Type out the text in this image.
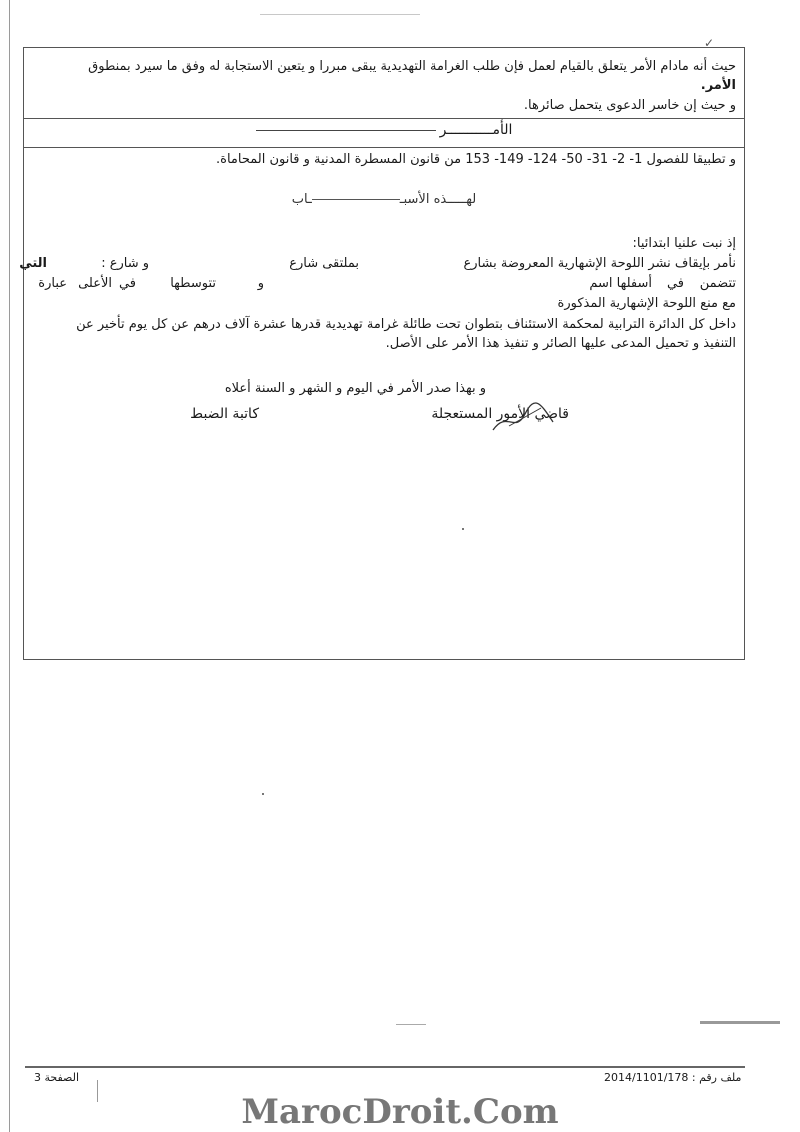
✓
حيث أنه مادام الأمر يتعلق بالقيام لعمل فإن طلب الغرامة التهديدية يبقى مبررا و يتعين الاستجابة له وفق ما سيرد بمنطوق
الأمر.
و حيث إن خاسر الدعوى يتحمل صائرها.
الأمـــــــــــر
و تطبيقا للفصول 1- 2- 31- 50- 124- 149- 153 من قانون المسطرة المدنية و قانون المحاماة.
لهـــــذه الأسبــاب
إذ نبت علنيا ابتدائيا:
نأمر بإيقاف نشر اللوحة الإشهارية المعروضة بشارع
بملتقى شارع
و شارع :
التي
تتضمن
في
أسفلها اسم
و
تتوسطها
في
الأعلى
عبارة
مع منع اللوحة الإشهارية المذكورة
داخل كل الدائرة الترابية لمحكمة الاستئناف بتطوان تحت طائلة غرامة تهديدية قدرها عشرة آلاف درهم عن كل يوم تأخير عن
التنفيذ و تحميل المدعى عليها الصائر و تنفيذ هذا الأمر على الأصل.
و بهذا صدر الأمر في اليوم و الشهر و السنة أعلاه
قاضي الأمور المستعجلة
كاتبة الضبط
ملف رقم : 2014/1101/178
الصفحة 3
MarocDroit.Com
